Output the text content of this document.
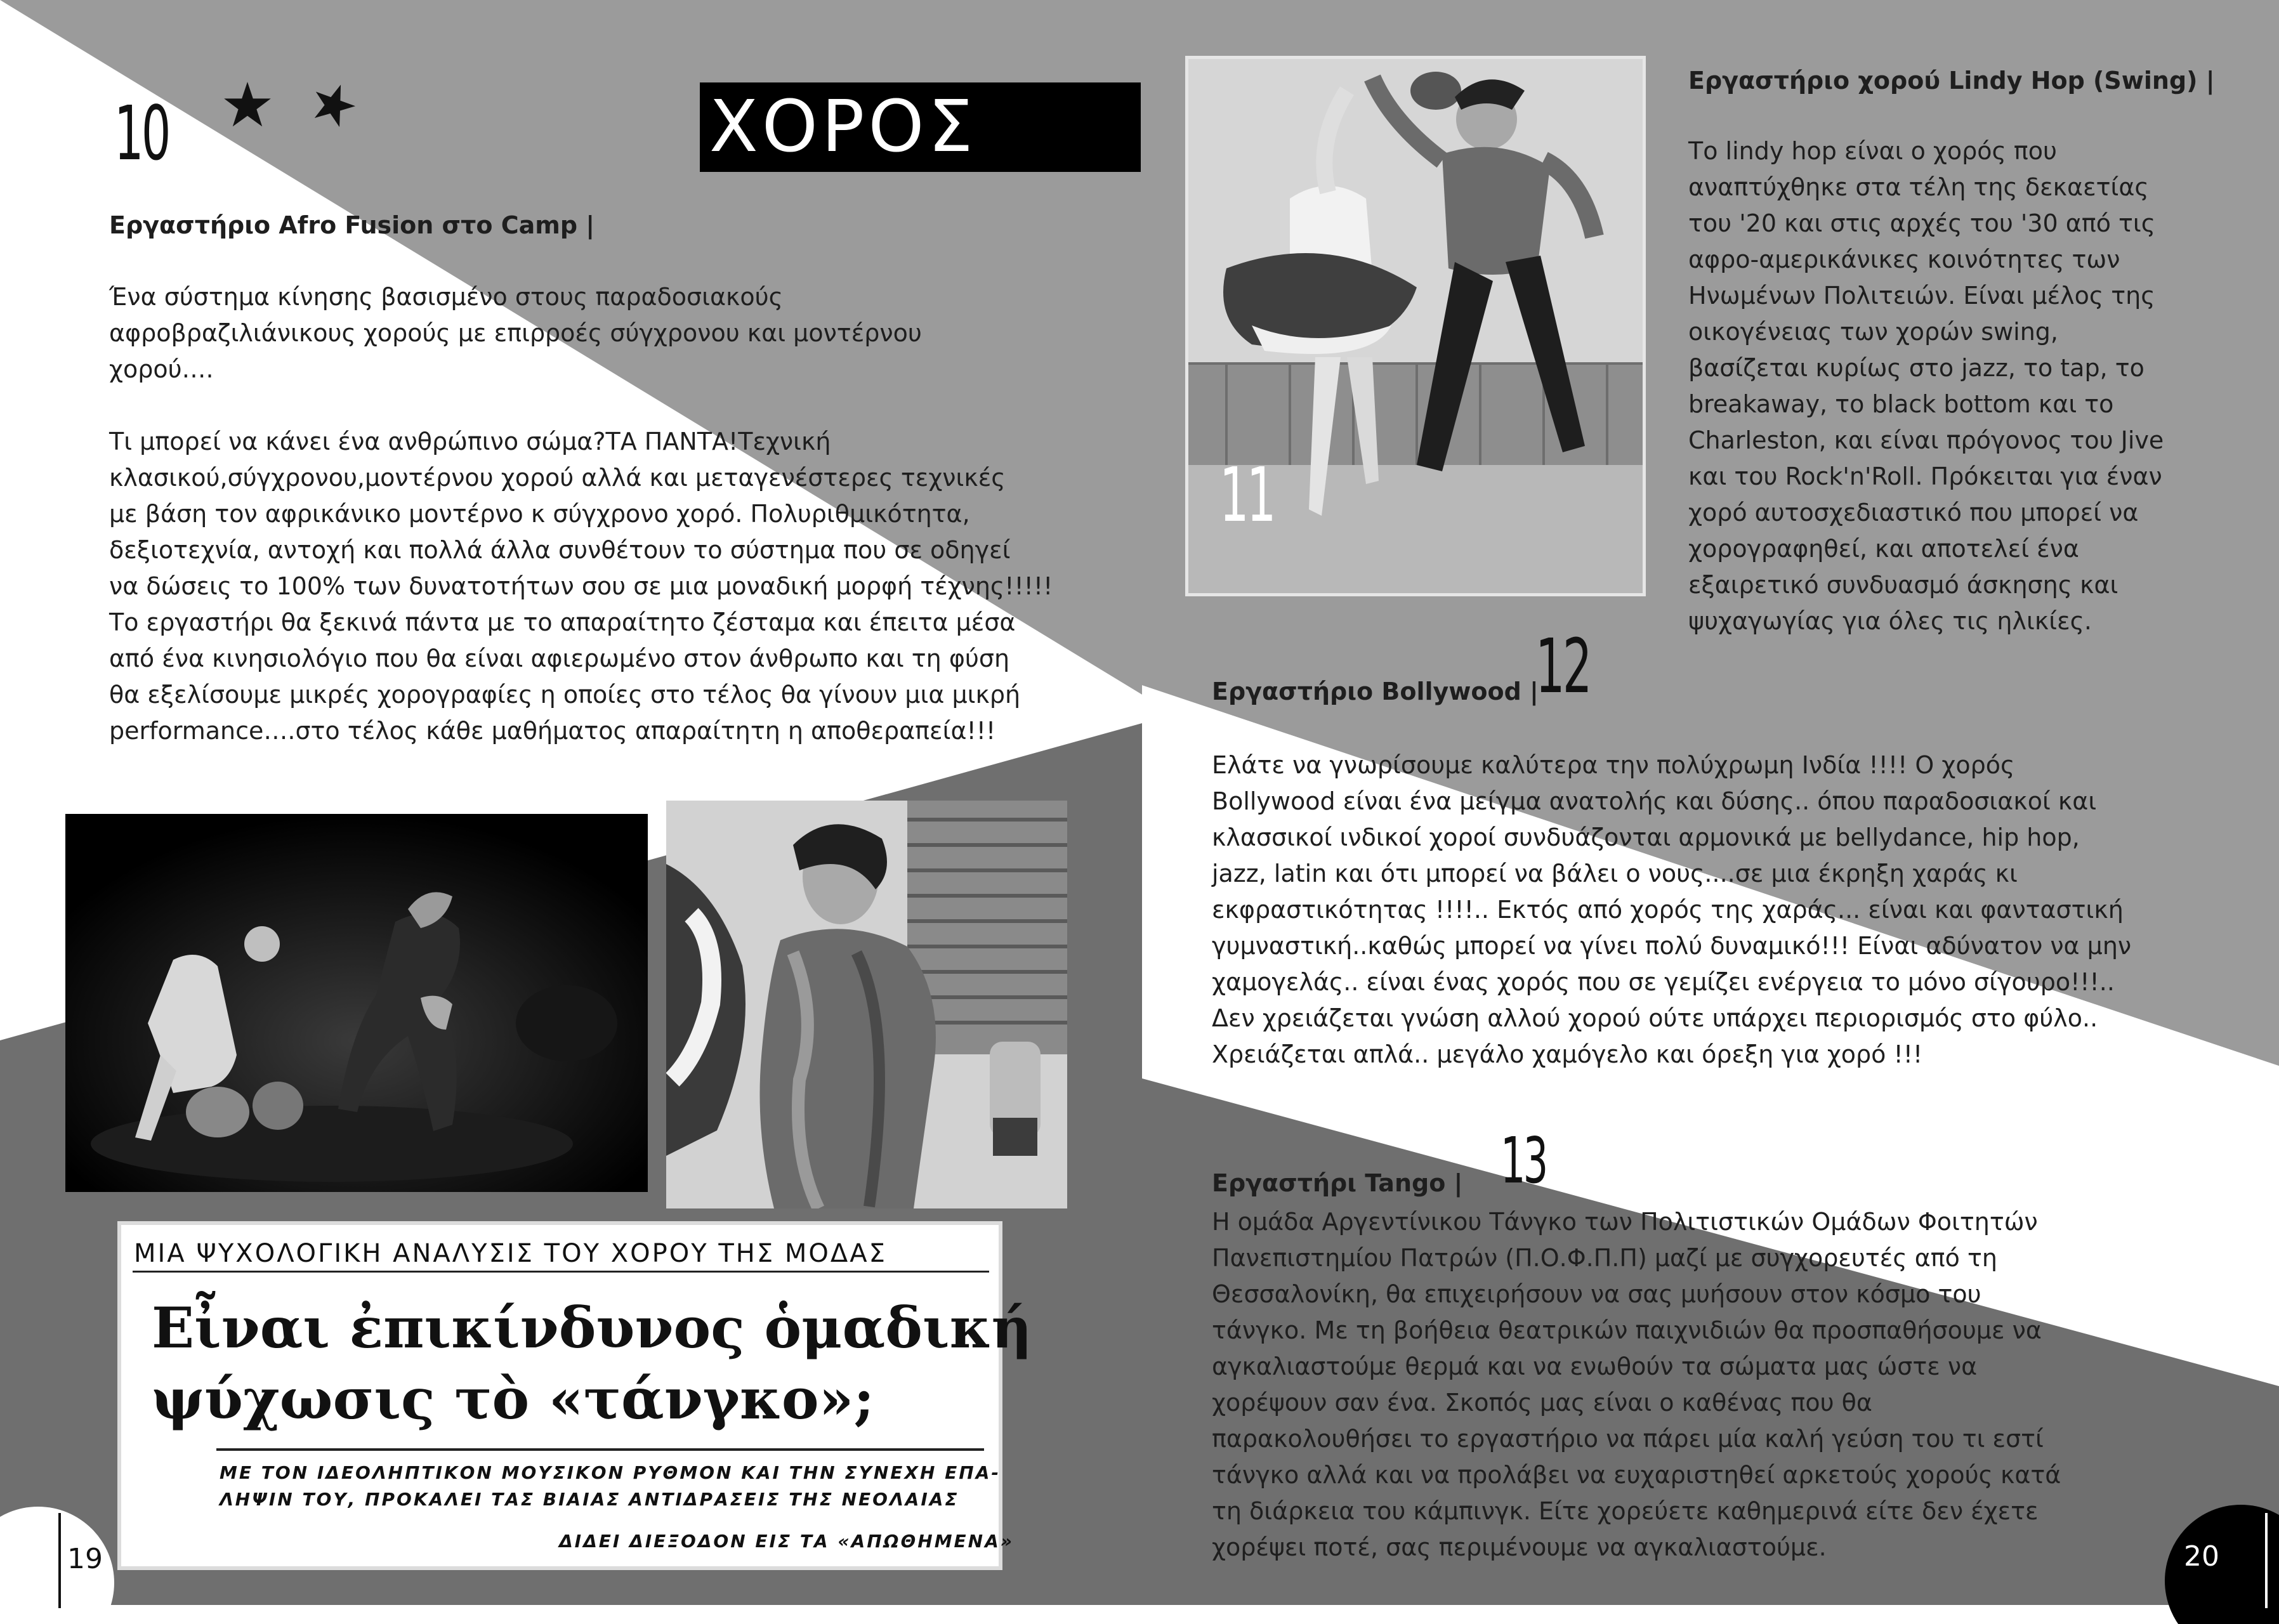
10	ΧΟΡΟΣ
Εργαστήριο Afro Fusion στο Camp |
Ένα σύστημα κίνησης βασισμένο στους παραδοσιακούς
αφροβραζιλιάνικους χορούς με επιρροές σύγχρονου και μοντέρνου
χορού….
Τι μπορεί να κάνει ένα ανθρώπινο σώμα?ΤΑ ΠΑΝΤΑ!Τεχνική
κλασικού,σύγχρονου,μοντέρνου χορού αλλά και μεταγενέστερες τεχνικές
με βάση τον αφρικάνικο μοντέρνο κ σύγχρονο χορό. Πολυριθμικότητα,
δεξιοτεχνία, αντοχή και πολλά άλλα συνθέτουν το σύστημα που σε οδηγεί
να δώσεις το 100% των δυνατοτήτων σου σε μια μοναδική μορφή τέχνης!!!!!
Το εργαστήρι θα ξεκινά πάντα με το απαραίτητο ζέσταμα και έπειτα μέσα
από ένα κινησιολόγιο που θα είναι αφιερωμένο στον άνθρωπο και τη φύση
θα εξελίσουμε μικρές χορογραφίες η οποίες στο τέλος θα γίνουν μια μικρή
performance….στο τέλος κάθε μαθήματος απαραίτητη η αποθεραπεία!!!
ΜΙΑ ΨΥΧΟΛΟΓΙΚΗ ΑΝΑΛΥΣΙΣ ΤΟΥ ΧΟΡΟΥ ΤΗΣ ΜΟΔΑΣ
Εἶναι ἐπικίνδυνος ὁμαδική
ψύχωσις τὸ «τάνγκο»;
ΜΕ ΤΟΝ ΙΔΕΟΛΗΠΤΙΚΟΝ ΜΟΥΣΙΚΟΝ ΡΥΘΜΟΝ ΚΑΙ ΤΗΝ ΣΥΝΕΧΗ ΕΠΑ-
ΛΗΨΙΝ ΤΟΥ, ΠΡΟΚΑΛΕΙ ΤΑΣ ΒΙΑΙΑΣ ΑΝΤΙΔΡΑΣΕΙΣ ΤΗΣ ΝΕΟΛΑΙΑΣ
ΔΙΔΕΙ ΔΙΕΞΟΔΟΝ ΕΙΣ ΤΑ «ΑΠΩΘΗΜΕΝΑ»
19
11
Εργαστήριο χορού Lindy Hop (Swing) |
Το lindy hop είναι ο χορός που
αναπτύχθηκε στα τέλη της δεκαετίας
του '20 και στις αρχές του '30 από τις
αφρο-αμερικάνικες κοινότητες των
Ηνωμένων Πολιτειών. Είναι μέλος της
οικογένειας των χορών swing,
βασίζεται κυρίως στο jazz, το tap, το
breakaway, το black bottom και το
Charleston, και είναι πρόγονος του Jive
και του Rock'n'Roll. Πρόκειται για έναν
χορό αυτοσχεδιαστικό που μπορεί να
χορογραφηθεί, και αποτελεί ένα
εξαιρετικό συνδυασμό άσκησης και
ψυχαγωγίας για όλες τις ηλικίες.
Εργαστήριο Bollywood |
12
Ελάτε να γνωρίσουμε καλύτερα την πολύχρωμη Ινδία !!!! Ο χορός
Bollywood είναι ένα μείγμα ανατολής και δύσης.. όπου παραδοσιακοί και
κλασσικοί ινδικοί χοροί συνδυάζονται αρμονικά με bellydance, hip hop,
jazz, latin και ότι μπορεί να βάλει ο νους....σε μια έκρηξη χαράς κι
εκφραστικότητας !!!!.. Εκτός από χορός της χαράς... είναι και φανταστική
γυμναστική..καθώς μπορεί να γίνει πολύ δυναμικό!!! Είναι αδύνατον να μην
χαμογελάς.. είναι ένας χορός που σε γεμίζει ενέργεια το μόνο σίγουρο!!!..
Δεν χρειάζεται γνώση αλλού χορού ούτε υπάρχει περιορισμός στο φύλο..
Χρειάζεται απλά.. μεγάλο χαμόγελο και όρεξη για χορό !!!
Εργαστήρι Tango | 13
Η ομάδα Αργεντίνικου Τάνγκο των Πολιτιστικών Ομάδων Φοιτητών
Πανεπιστημίου Πατρών (Π.Ο.Φ.Π.Π) μαζί με συγχορευτές από τη
Θεσσαλονίκη, θα επιχειρήσουν να σας μυήσουν στον κόσμο του
τάνγκο. Με τη βοήθεια θεατρικών παιχνιδιών θα προσπαθήσουμε να
αγκαλιαστούμε θερμά και να ενωθούν τα σώματα μας ώστε να
χορέψουν σαν ένα. Σκοπός μας είναι ο καθένας που θα
παρακολουθήσει το εργαστήριο να πάρει μία καλή γεύση του τι εστί
τάνγκο αλλά και να προλάβει να ευχαριστηθεί αρκετούς χορούς κατά
τη διάρκεια του κάμπινγκ. Είτε χορεύετε καθημερινά είτε δεν έχετε
χορέψει ποτέ, σας περιμένουμε να αγκαλιαστούμε.	20
